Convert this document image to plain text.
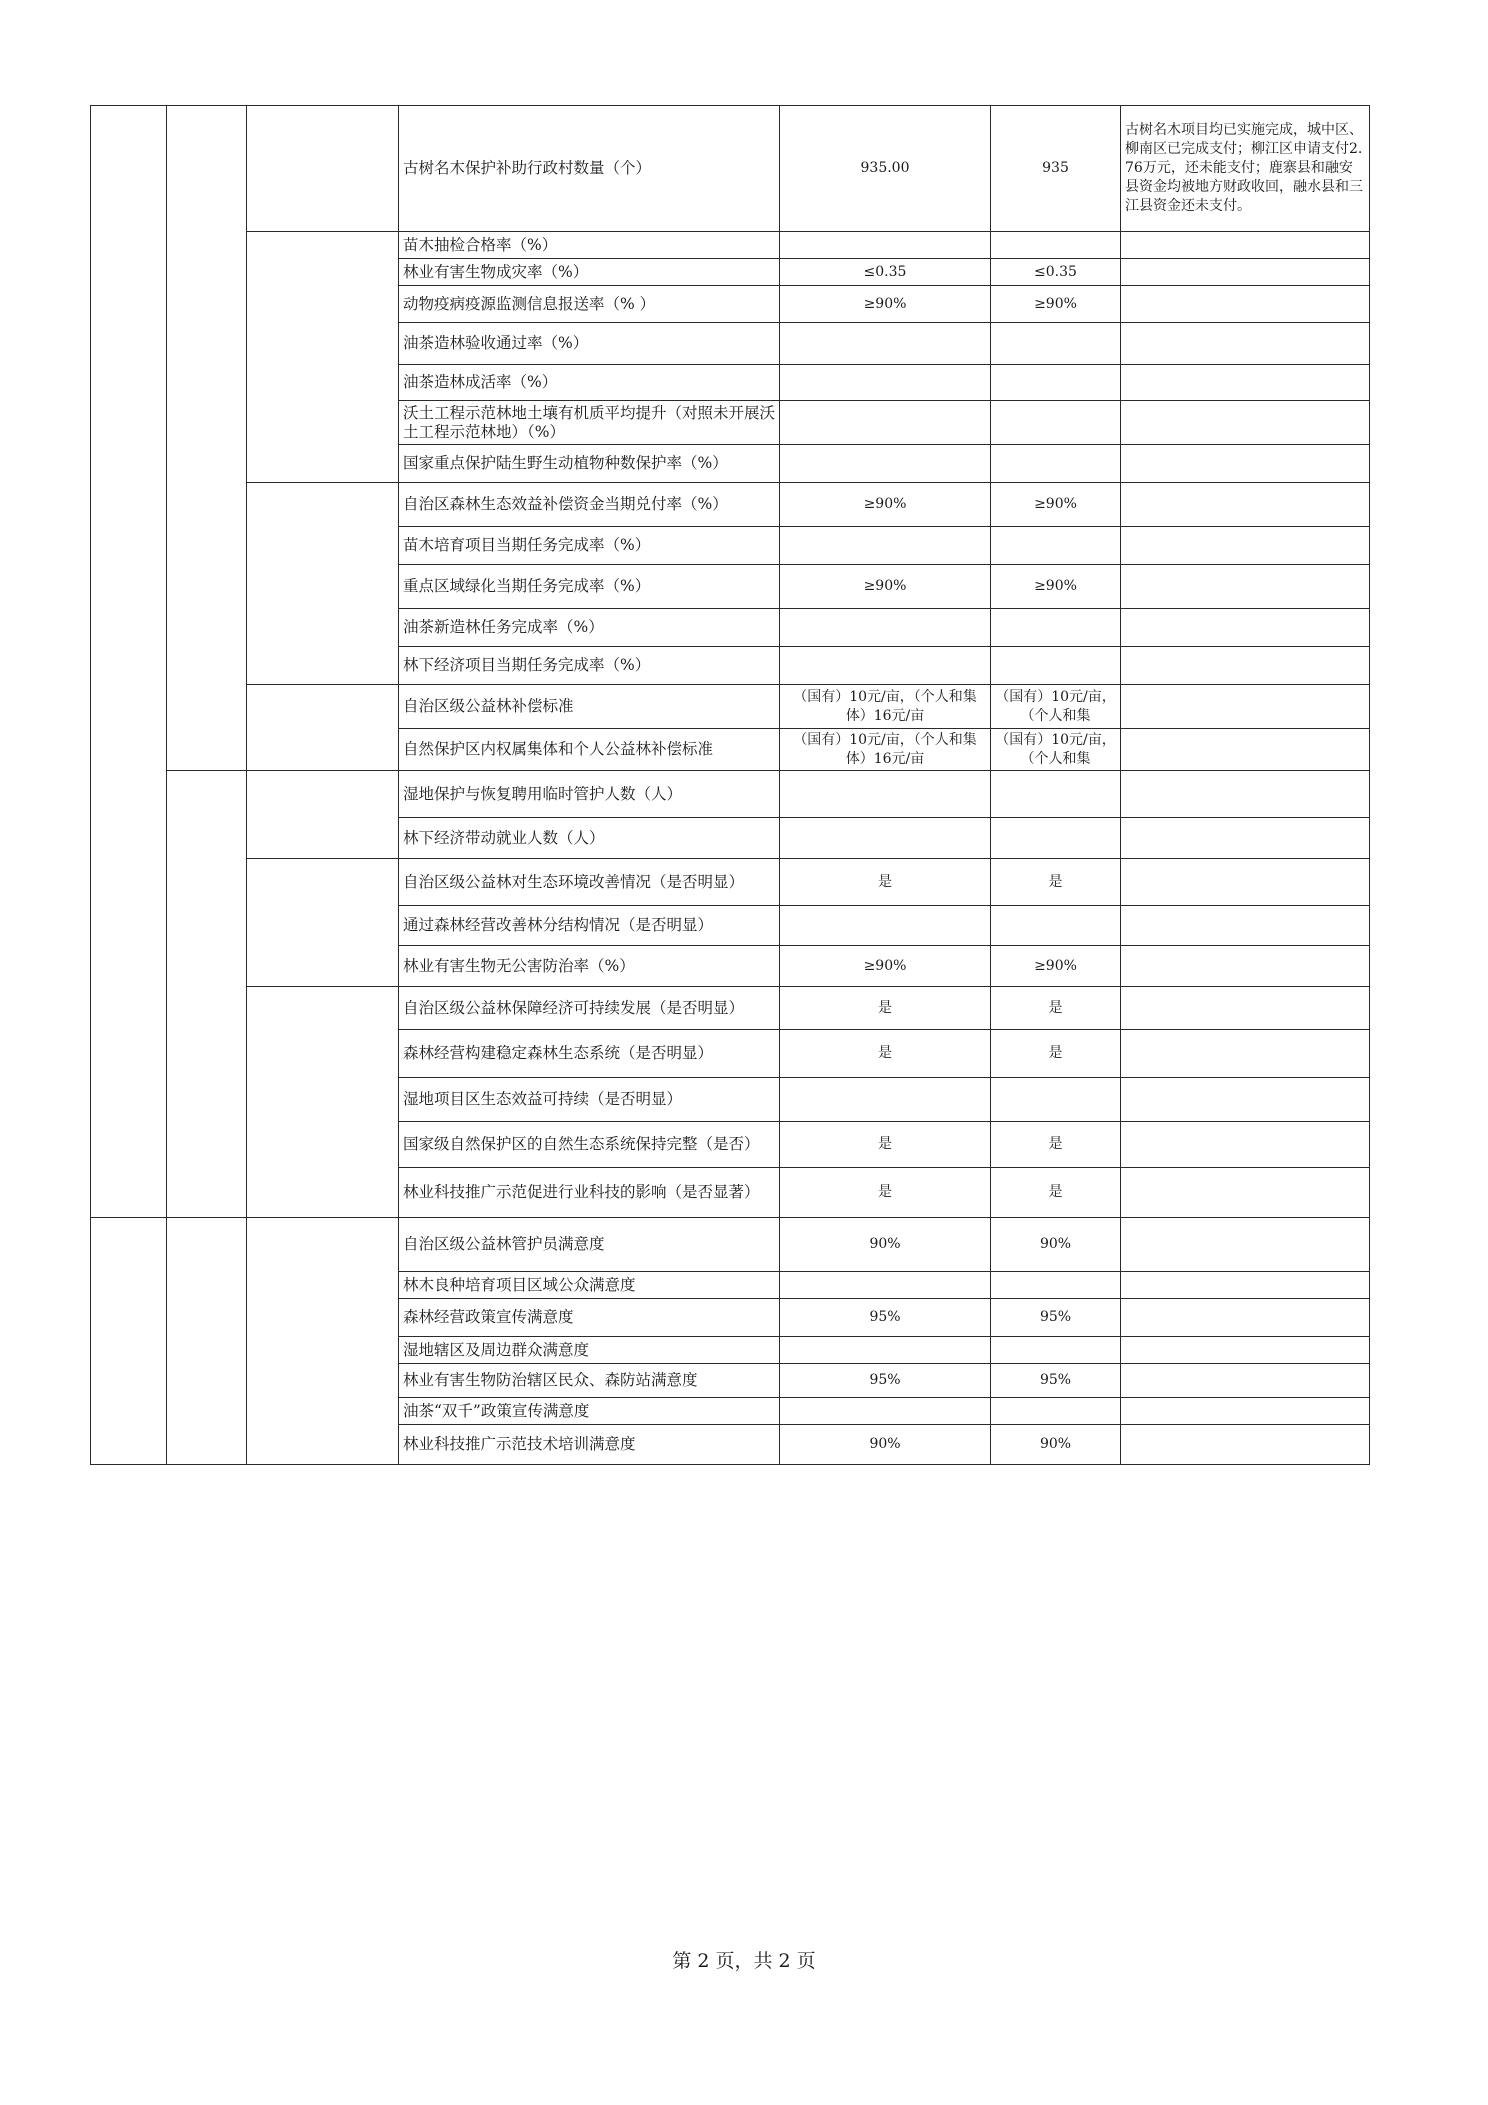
			古树名木保护补助行政村数量（个）	935.00	935	古树名木项目均已实施完成，城中区、柳南区已完成支付；柳江区申请支付2.76万元，还未能支付；鹿寨县和融安县资金均被地方财政收回，融水县和三江县资金还未支付。
			苗木抽检合格率（%）			
			林业有害生物成灾率（%）	≤0.35	≤0.35	
			动物疫病疫源监测信息报送率（% ）	≥90%	≥90%	
			油茶造林验收通过率（%）			
			油茶造林成活率（%）			
			沃土工程示范林地土壤有机质平均提升（对照未开展沃土工程示范林地）（%）			
			国家重点保护陆生野生动植物种数保护率（%）			
			自治区森林生态效益补偿资金当期兑付率（%）	≥90%	≥90%	
			苗木培育项目当期任务完成率（%）			
			重点区域绿化当期任务完成率（%）	≥90%	≥90%	
			油茶新造林任务完成率（%）			
			林下经济项目当期任务完成率（%）			
			自治区级公益林补偿标准	（国有）10元/亩，（个人和集体）16元/亩	（国有）10元/亩，（个人和集	
			自然保护区内权属集体和个人公益林补偿标准	（国有）10元/亩，（个人和集体）16元/亩	（国有）10元/亩，（个人和集	
			湿地保护与恢复聘用临时管护人数（人）			
			林下经济带动就业人数（人）			
			自治区级公益林对生态环境改善情况（是否明显）	是	是	
			通过森林经营改善林分结构情况（是否明显）			
			林业有害生物无公害防治率（%）	≥90%	≥90%	
			自治区级公益林保障经济可持续发展（是否明显）	是	是	
			森林经营构建稳定森林生态系统（是否明显）	是	是	
			湿地项目区生态效益可持续（是否明显）			
			国家级自然保护区的自然生态系统保持完整（是否）	是	是	
			林业科技推广示范促进行业科技的影响（是否显著）	是	是	
			自治区级公益林管护员满意度	90%	90%	
			林木良种培育项目区域公众满意度			
			森林经营政策宣传满意度	95%	95%	
			湿地辖区及周边群众满意度			
			林业有害生物防治辖区民众、森防站满意度	95%	95%	
			油茶“双千”政策宣传满意度			
			林业科技推广示范技术培训满意度	90%	90%	
第 2 页，共 2 页
